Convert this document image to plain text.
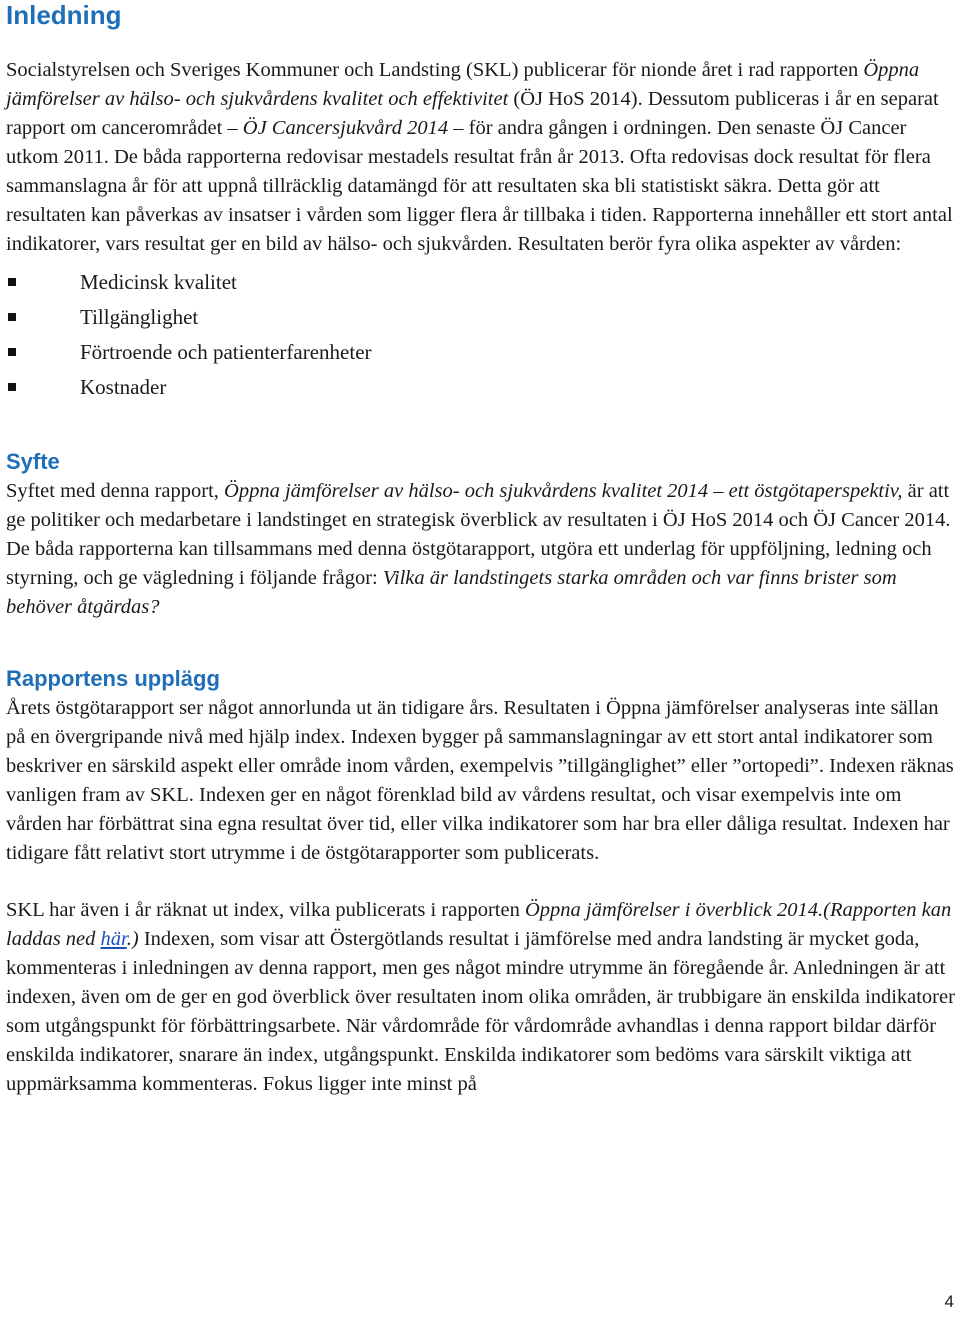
Inledning

Socialstyrelsen och Sveriges Kommuner och Landsting (SKL) publicerar för nionde året i rad rapporten Öppna jämförelser av hälso- och sjukvårdens kvalitet och effektivitet (ÖJ HoS 2014). Dessutom publiceras i år en separat rapport om cancerområdet – ÖJ Cancersjukvård 2014 – för andra gången i ordningen. Den senaste ÖJ Cancer utkom 2011. De båda rapporterna redovisar mestadels resultat från år 2013. Ofta redovisas dock resultat för flera sammanslagna år för att uppnå tillräcklig datamängd för att resultaten ska bli statistiskt säkra. Detta gör att resultaten kan påverkas av insatser i vården som ligger flera år tillbaka i tiden. Rapporterna innehåller ett stort antal indikatorer, vars resultat ger en bild av hälso- och sjukvården. Resultaten berör fyra olika aspekter av vården:

Medicinsk kvalitet
Tillgänglighet
Förtroende och patienterfarenheter
Kostnader
Syfte

Syftet med denna rapport, Öppna jämförelser av hälso- och sjukvårdens kvalitet 2014 – ett östgötaperspektiv, är att ge politiker och medarbetare i landstinget en strategisk överblick av resultaten i ÖJ HoS 2014 och ÖJ Cancer 2014. De båda rapporterna kan tillsammans med denna östgötarapport, utgöra ett underlag för uppföljning, ledning och styrning, och ge vägledning i följande frågor: Vilka är landstingets starka områden och var finns brister som behöver åtgärdas?

Rapportens upplägg

Årets östgötarapport ser något annorlunda ut än tidigare års. Resultaten i Öppna jämförelser analyseras inte sällan på en övergripande nivå med hjälp index. Indexen bygger på sammanslagningar av ett stort antal indikatorer som beskriver en särskild aspekt eller område inom vården, exempelvis ”tillgänglighet” eller ”ortopedi”. Indexen räknas vanligen fram av SKL. Indexen ger en något förenklad bild av vårdens resultat, och visar exempelvis inte om vården har förbättrat sina egna resultat över tid, eller vilka indikatorer som har bra eller dåliga resultat. Indexen har tidigare fått relativt stort utrymme i de östgötarapporter som publicerats.

SKL har även i år räknat ut index, vilka publicerats i rapporten Öppna jämförelser i överblick 2014.(Rapporten kan laddas ned här.) Indexen, som visar att Östergötlands resultat i jämförelse med andra landsting är mycket goda, kommenteras i inledningen av denna rapport, men ges något mindre utrymme än föregående år. Anledningen är att indexen, även om de ger en god överblick över resultaten inom olika områden, är trubbigare än enskilda indikatorer som utgångspunkt för förbättringsarbete. När vårdområde för vårdområde avhandlas i denna rapport bildar därför enskilda indikatorer, snarare än index, utgångspunkt. Enskilda indikatorer som bedöms vara särskilt viktiga att uppmärksamma kommenteras. Fokus ligger inte minst på

4
